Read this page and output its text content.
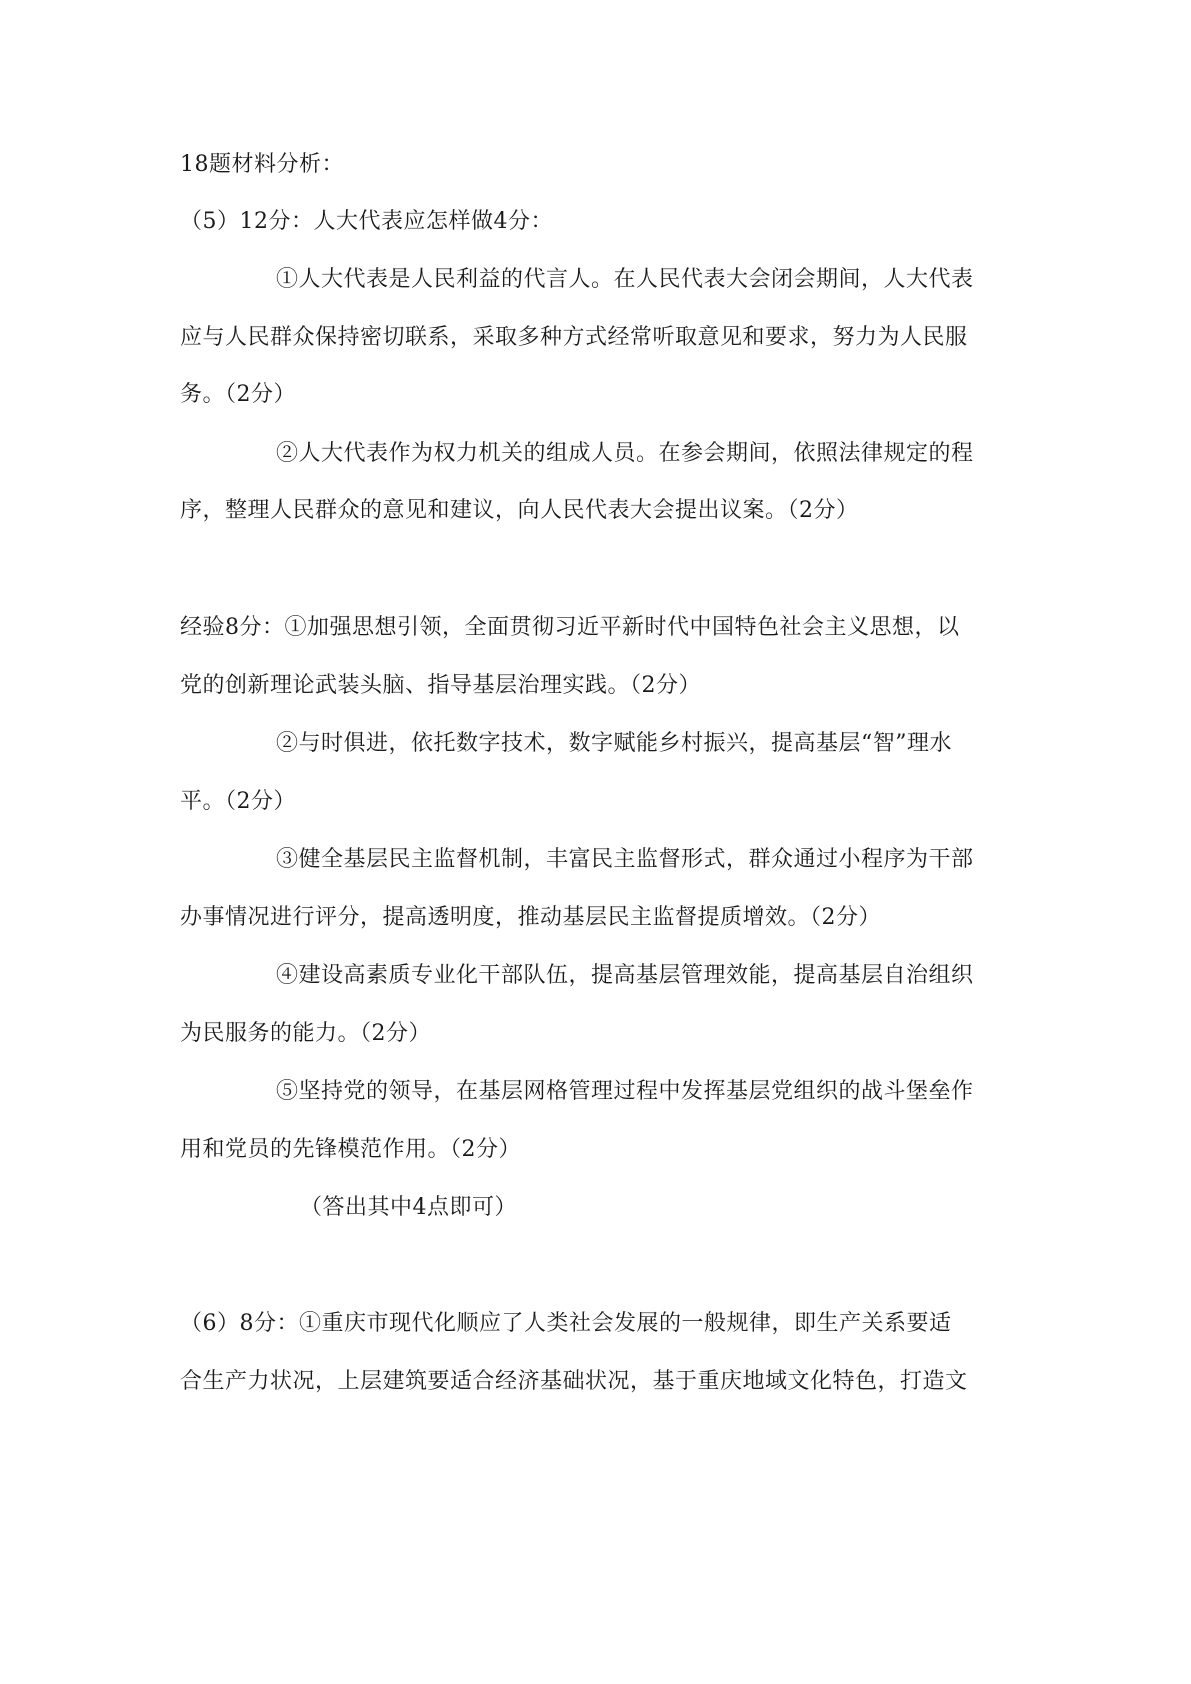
18题材料分析：
（5）12分：人大代表应怎样做4分：
①人大代表是人民利益的代言人。在人民代表大会闭会期间，人大代表
应与人民群众保持密切联系，采取多种方式经常听取意见和要求，努力为人民服
务。（2分）
②人大代表作为权力机关的组成人员。在参会期间，依照法律规定的程
序，整理人民群众的意见和建议，向人民代表大会提出议案。（2分）
经验8分：①加强思想引领，全面贯彻习近平新时代中国特色社会主义思想，以
党的创新理论武装头脑、指导基层治理实践。（2分）
②与时俱进，依托数字技术，数字赋能乡村振兴，提高基层“智”理水
平。（2分）
③健全基层民主监督机制，丰富民主监督形式，群众通过小程序为干部
办事情况进行评分，提高透明度，推动基层民主监督提质增效。（2分）
④建设高素质专业化干部队伍，提高基层管理效能，提高基层自治组织
为民服务的能力。（2分）
⑤坚持党的领导，在基层网格管理过程中发挥基层党组织的战斗堡垒作
用和党员的先锋模范作用。（2分）
（答出其中4点即可）
（6）8分：①重庆市现代化顺应了人类社会发展的一般规律，即生产关系要适
合生产力状况，上层建筑要适合经济基础状况，基于重庆地域文化特色，打造文
